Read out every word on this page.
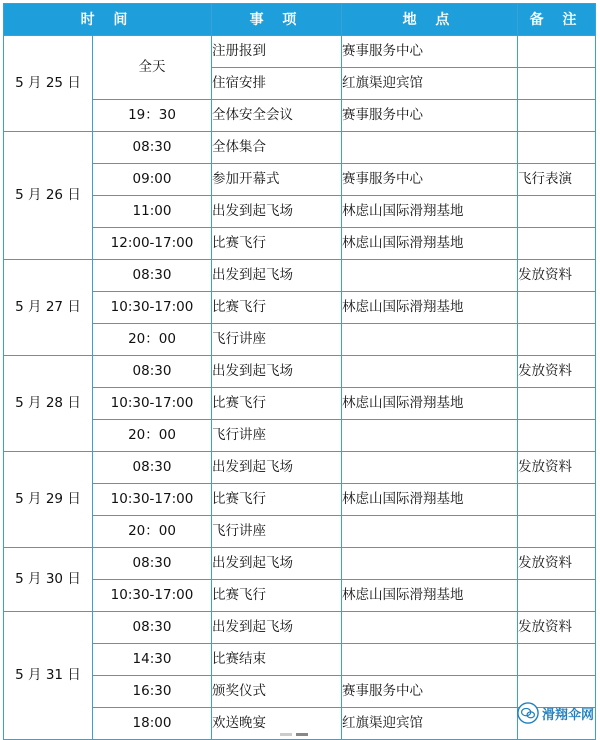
时 间		事 项	地 点	备 注
5 月 25 日	全天	注册报到	赛事服务中心	
		住宿安排	红旗渠迎宾馆	
	19：30	全体安全会议	赛事服务中心	
5 月 26 日	08:30	全体集合		
	09:00	参加开幕式	赛事服务中心	飞行表演
	11:00	出发到起飞场	林虑山国际滑翔基地	
	12:00-17:00	比赛飞行	林虑山国际滑翔基地	
5 月 27 日	08:30	出发到起飞场		发放资料
	10:30-17:00	比赛飞行	林虑山国际滑翔基地	
	20：00	飞行讲座		
5 月 28 日	08:30	出发到起飞场		发放资料
	10:30-17:00	比赛飞行	林虑山国际滑翔基地	
	20：00	飞行讲座		
5 月 29 日	08:30	出发到起飞场		发放资料
	10:30-17:00	比赛飞行	林虑山国际滑翔基地	
	20：00	飞行讲座		
5 月 30 日	08:30	出发到起飞场		发放资料
	10:30-17:00	比赛飞行	林虑山国际滑翔基地	
5 月 31 日	08:30	出发到起飞场		发放资料
	14:30	比赛结束		
	16:30	颁奖仪式	赛事服务中心	
	18:00	欢送晚宴	红旗渠迎宾馆		滑翔伞网
